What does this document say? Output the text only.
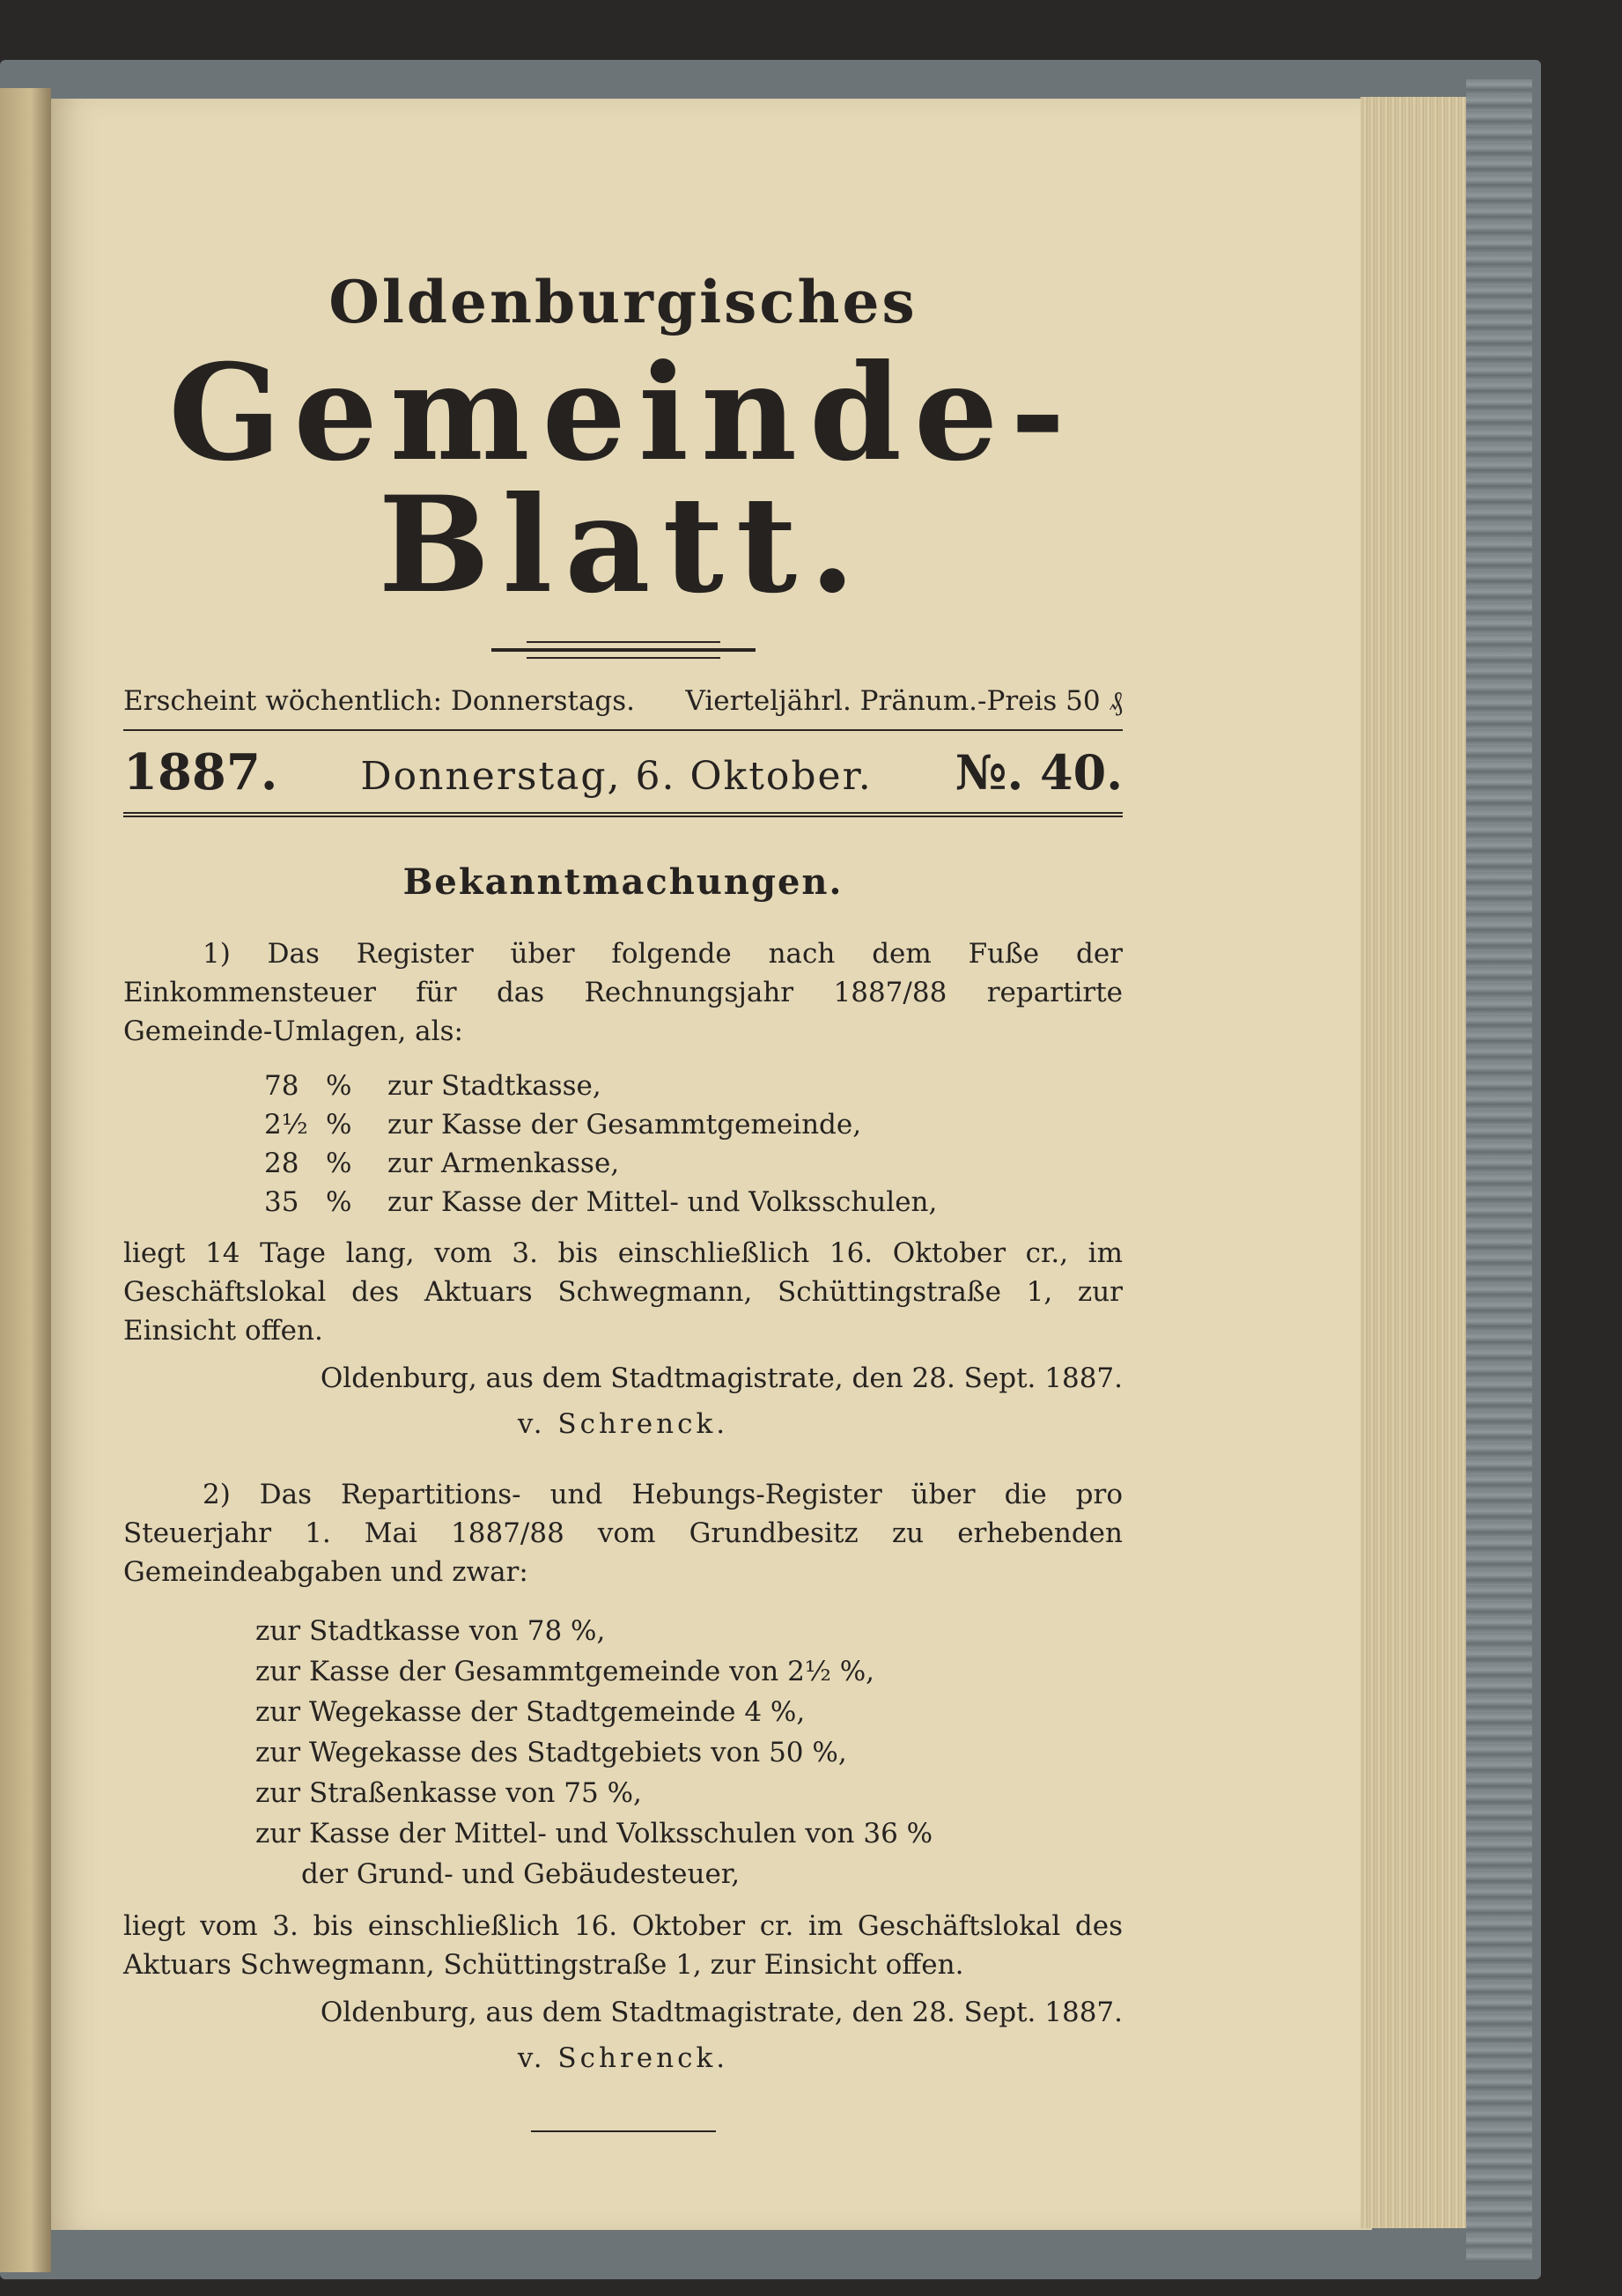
Oldenburgisches
Gemeinde-Blatt.
Erscheint wöchentlich: Donnerstags. Vierteljährl. Pränum.-Preis 50 ₰
1887. Donnerstag, 6. Oktober. №. 40.
Bekanntmachungen.

1) Das Register über folgende nach dem Fuße der Einkommensteuer für das Rechnungsjahr 1887/88 repartirte Gemeinde-Umlagen, als:

78 %	zur Stadtkasse,
2½ %	zur Kasse der Gesammtgemeinde,
28 %	zur Armenkasse,
35 %	zur Kasse der Mittel- und Volksschulen,

liegt 14 Tage lang, vom 3. bis einschließlich 16. Oktober cr., im Geschäftslokal des Aktuars Schwegmann, Schüttingstraße 1, zur Einsicht offen.

Oldenburg, aus dem Stadtmagistrate, den 28. Sept. 1887.

v. Schrenck.

2) Das Repartitions- und Hebungs-Register über die pro Steuerjahr 1. Mai 1887/88 vom Grundbesitz zu erhebenden Gemeindeabgaben und zwar:

zur Stadtkasse von 78 %,
zur Kasse der Gesammtgemeinde von 2½ %,
zur Wegekasse der Stadtgemeinde 4 %,
zur Wegekasse des Stadtgebiets von 50 %,
zur Straßenkasse von 75 %,
zur Kasse der Mittel- und Volksschulen von 36 %
der Grund- und Gebäudesteuer,

liegt vom 3. bis einschließlich 16. Oktober cr. im Geschäftslokal des Aktuars Schwegmann, Schüttingstraße 1, zur Einsicht offen.

Oldenburg, aus dem Stadtmagistrate, den 28. Sept. 1887.

v. Schrenck.
